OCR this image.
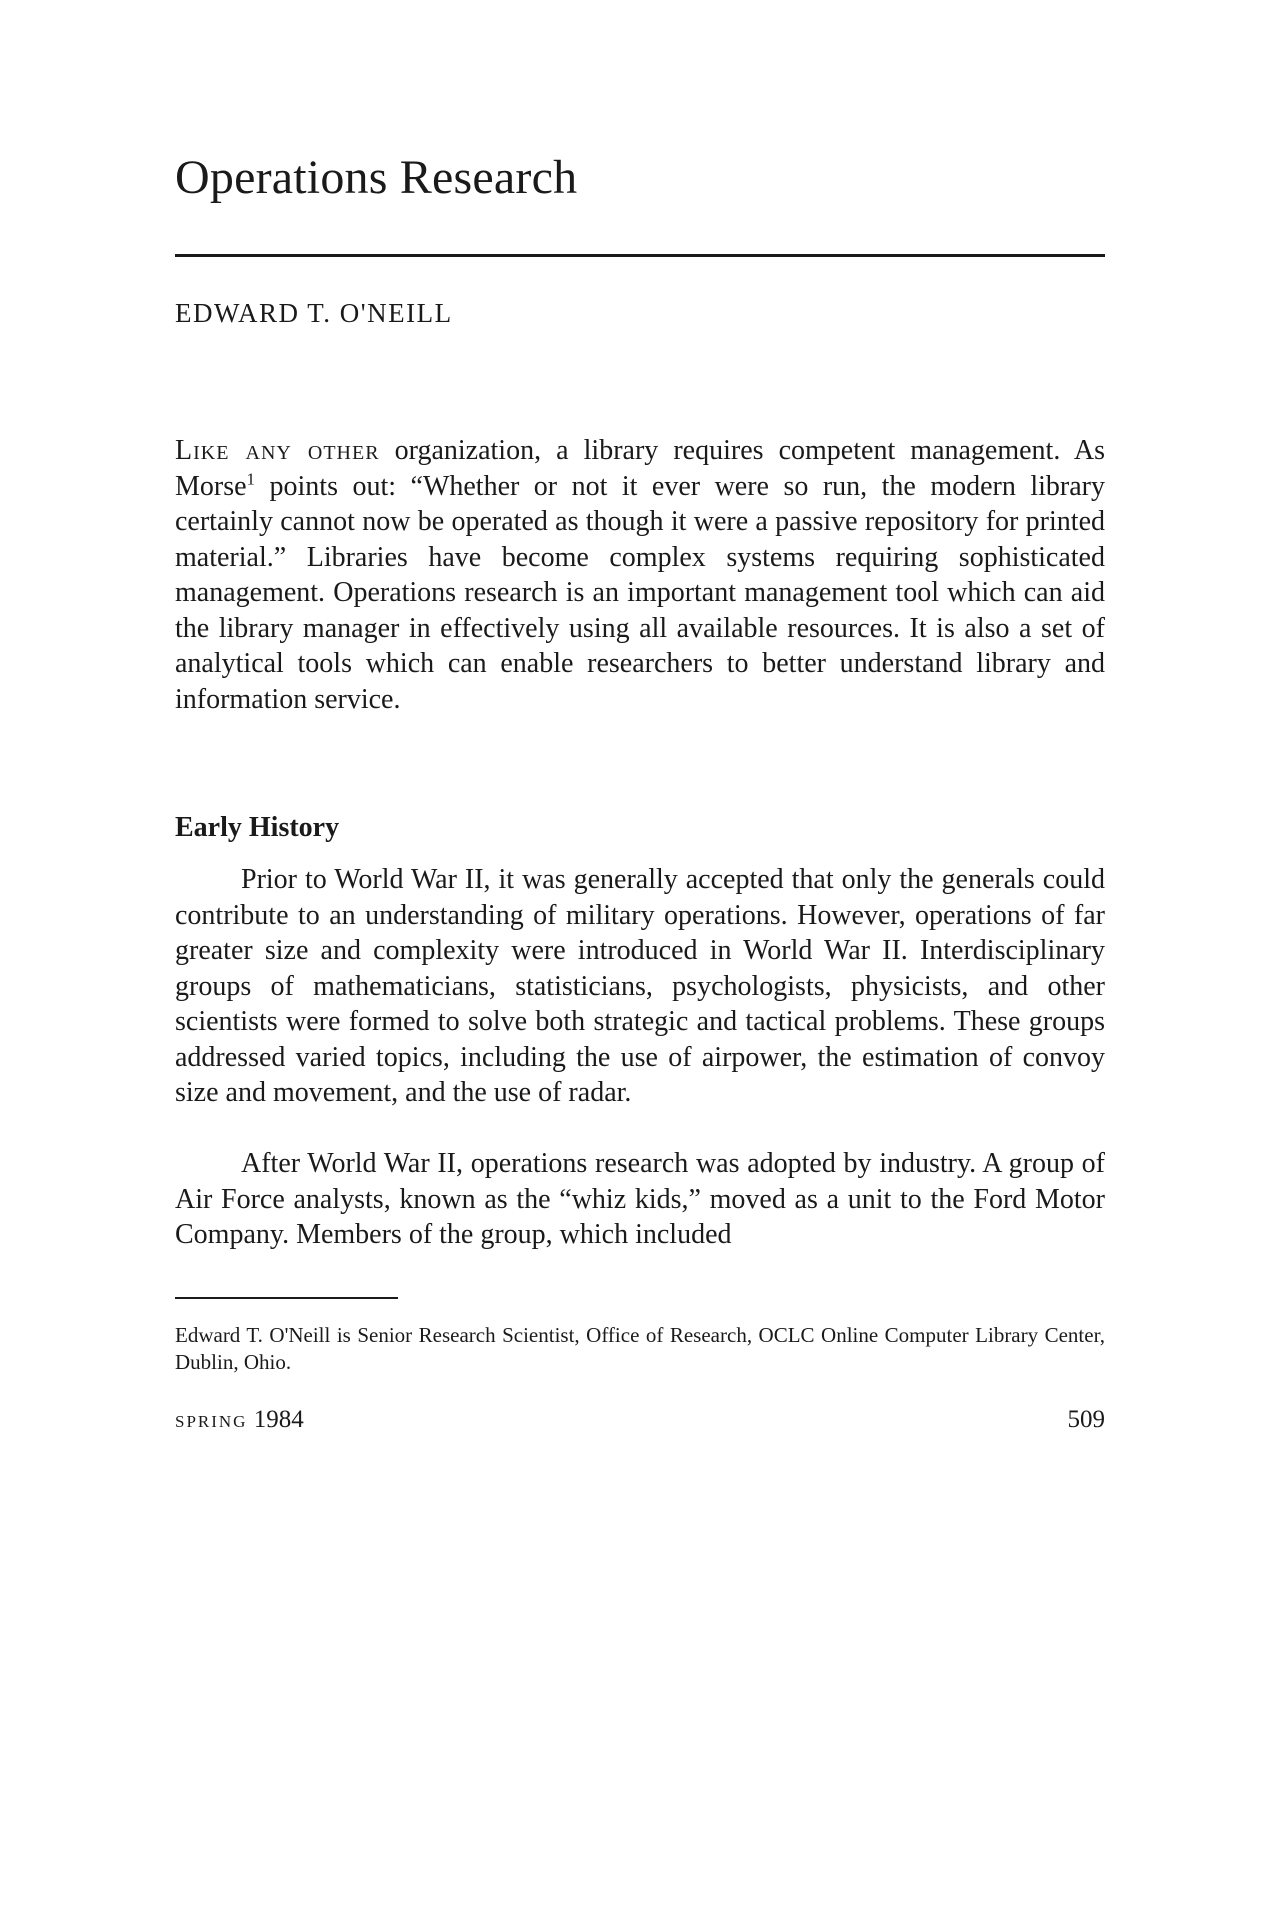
Operations Research

EDWARD T. O'NEILL

Like any other organization, a library requires competent management. As Morse$^1$ points out: “Whether or not it ever were so run, the modern library certainly cannot now be operated as though it were a passive repository for printed material.” Libraries have become complex systems requiring sophisticated management. Operations research is an important management tool which can aid the library manager in effectively using all available resources. It is also a set of analytical tools which can enable researchers to better understand library and information service.

Early History

Prior to World War II, it was generally accepted that only the generals could contribute to an understanding of military operations. However, operations of far greater size and complexity were introduced in World War II. Interdisciplinary groups of mathematicians, statisticians, psychologists, physicists, and other scientists were formed to solve both strategic and tactical problems. These groups addressed varied topics, including the use of airpower, the estimation of convoy size and movement, and the use of radar.

After World War II, operations research was adopted by industry. A group of Air Force analysts, known as the “whiz kids,” moved as a unit to the Ford Motor Company. Members of the group, which included

Edward T. O'Neill is Senior Research Scientist, Office of Research, OCLC Online Computer Library Center, Dublin, Ohio.

spring 1984	509
